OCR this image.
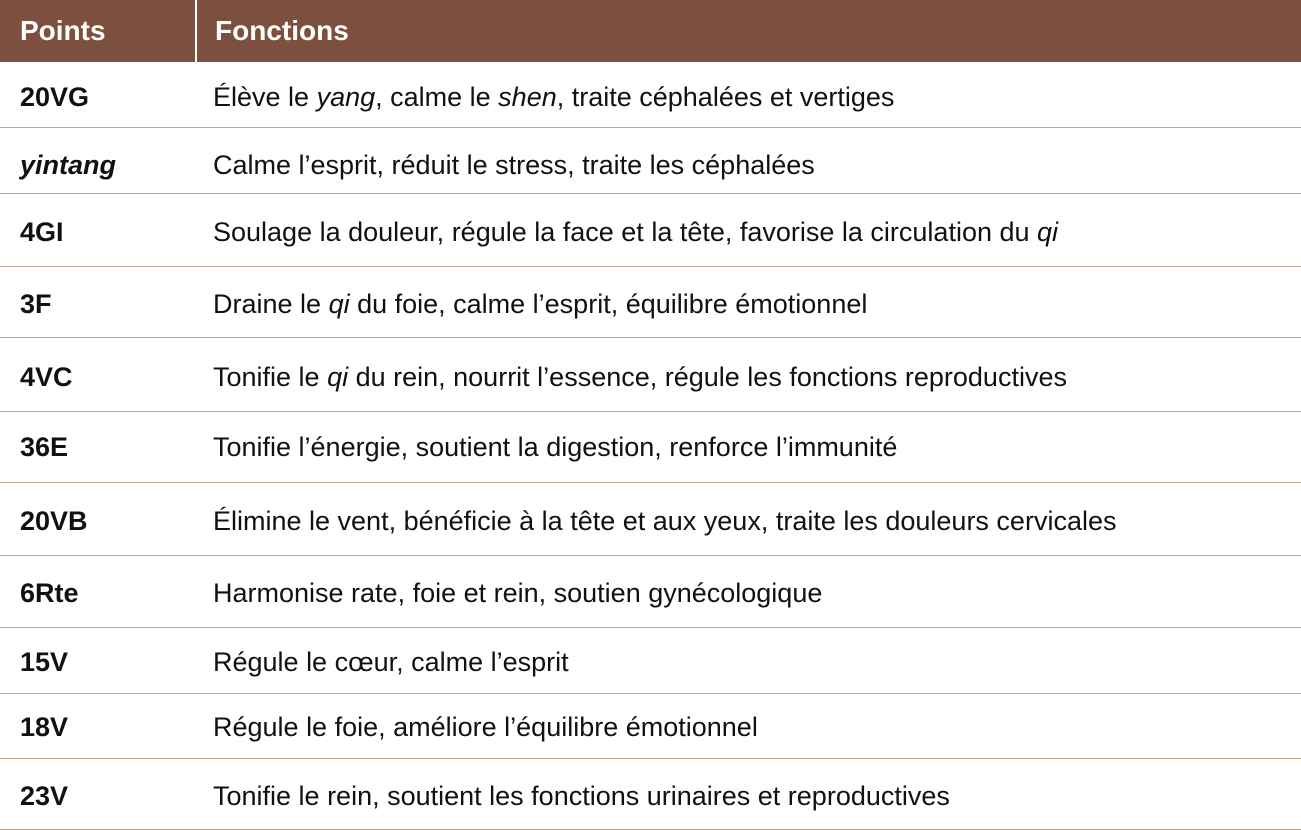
Points	Fonctions
20VG	Élève le yang, calme le shen, traite céphalées et vertiges
yintang	Calme l’esprit, réduit le stress, traite les céphalées
4GI	Soulage la douleur, régule la face et la tête, favorise la circulation du qi
3F	Draine le qi du foie, calme l’esprit, équilibre émotionnel
4VC	Tonifie le qi du rein, nourrit l’essence, régule les fonctions reproductives
36E	Tonifie l’énergie, soutient la digestion, renforce l’immunité
20VB	Élimine le vent, bénéficie à la tête et aux yeux, traite les douleurs cervicales
6Rte	Harmonise rate, foie et rein, soutien gynécologique
15V	Régule le cœur, calme l’esprit
18V	Régule le foie, améliore l’équilibre émotionnel
23V	Tonifie le rein, soutient les fonctions urinaires et reproductives
